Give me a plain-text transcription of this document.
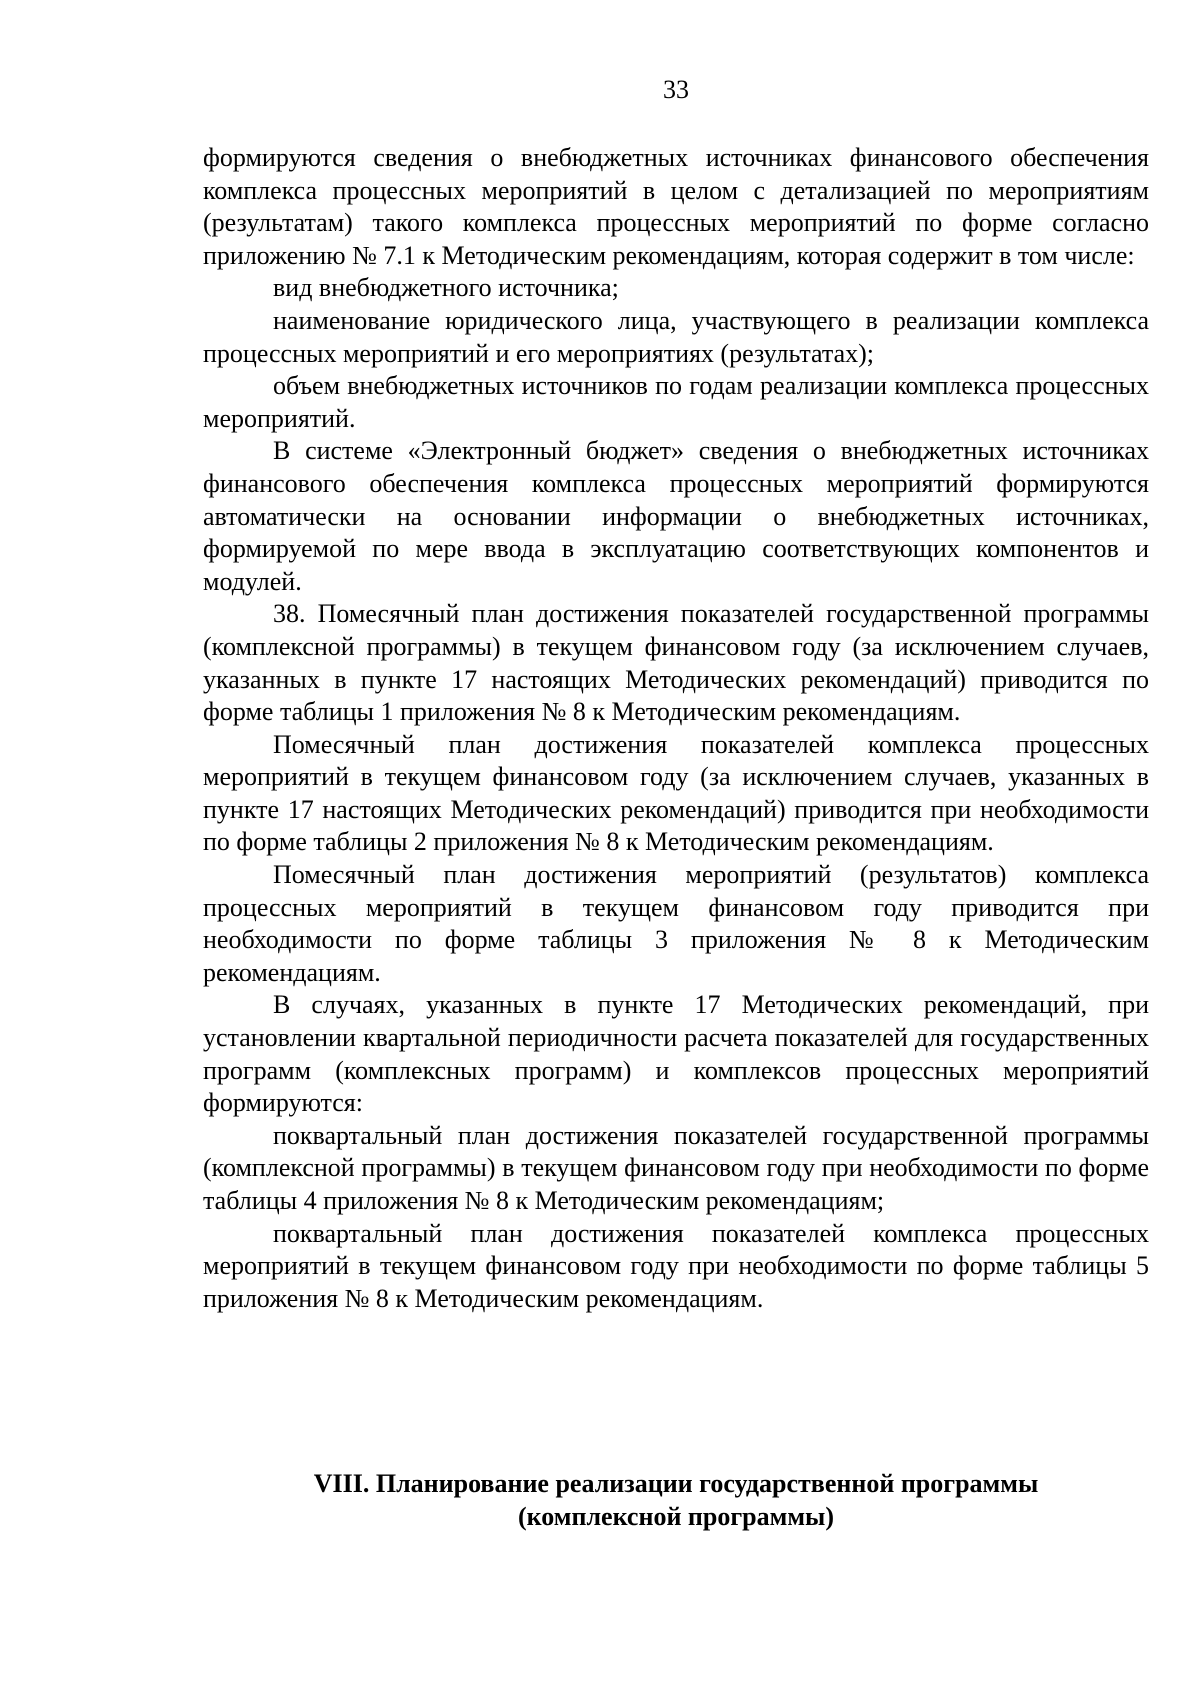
33

формируются сведения о внебюджетных источниках финансового обеспечения комплекса процессных мероприятий в целом с детализацией по мероприятиям (результатам) такого комплекса процессных мероприятий по форме согласно приложению № 7.1 к Методическим рекомендациям, которая содержит в том числе:

вид внебюджетного источника;

наименование юридического лица, участвующего в реализации комплекса процессных мероприятий и его мероприятиях (результатах);

объем внебюджетных источников по годам реализации комплекса процессных мероприятий.

В системе «Электронный бюджет» сведения о внебюджетных источниках финансового обеспечения комплекса процессных мероприятий формируются автоматически на основании информации о внебюджетных источниках, формируемой по мере ввода в эксплуатацию соответствующих компонентов и модулей.

38. Помесячный план достижения показателей государственной программы (комплексной программы) в текущем финансовом году (за исключением случаев, указанных в пункте 17 настоящих Методических рекомендаций) приводится по форме таблицы 1 приложения № 8 к Методическим рекомендациям.

Помесячный план достижения показателей комплекса процессных мероприятий в текущем финансовом году (за исключением случаев, указанных в пункте 17 настоящих Методических рекомендаций) приводится при необходимости по форме таблицы 2 приложения № 8 к Методическим рекомендациям.

Помесячный план достижения мероприятий (результатов) комплекса процессных мероприятий в текущем финансовом году приводится при необходимости по форме таблицы 3 приложения № 8 к Методическим рекомендациям.

В случаях, указанных в пункте 17 Методических рекомендаций, при установлении квартальной периодичности расчета показателей для государственных программ (комплексных программ) и комплексов процессных мероприятий формируются:

поквартальный план достижения показателей государственной программы (комплексной программы) в текущем финансовом году при необходимости по форме таблицы 4 приложения № 8 к Методическим рекомендациям;

поквартальный план достижения показателей комплекса процессных мероприятий в текущем финансовом году при необходимости по форме таблицы 5 приложения № 8 к Методическим рекомендациям.

VIII. Планирование реализации государственной программы
(комплексной программы)
